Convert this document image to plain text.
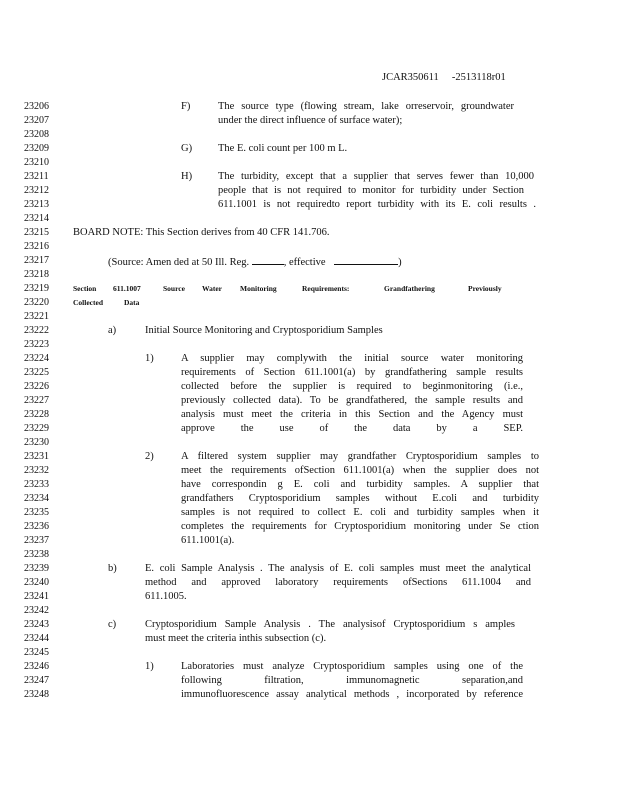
JCAR350611 -2513118r01
23206
23207
23208
23209
23210
23211
23212
23213
23214
23215
23216
23217
23218
23219
23220
23221
23222
23223
23224
23225
23226
23227
23228
23229
23230
23231
23232
23233
23234
23235
23236
23237
23238
23239
23240
23241
23242
23243
23244
23245
23246
23247
23248
F)	The source type (flowing stream, lake orreservoir, groundwater
under the direct influence of surface water);
G) The E. coli count per 100 m L.
H) The turbidity, except that a supplier that serves fewer than 10,000
people that is not required to monitor for turbidity under Section
611.1001 is not requiredto report turbidity with its E. coli results .
BOARD NOTE: This Section derives from 40 CFR 141.706.
(Source: Amen ded at 50 Ill. Reg.	, effective	)
Section 611.1007	Source Water Monitoring	Requirements:	Grandfathering	Previously
Collected	Data
a)	Initial Source Monitoring and Cryptosporidium Samples
1)	A supplier may complywith the initial source water monitoring
requirements of Section 611.1001(a) by grandfathering sample results
collected before the supplier is required to beginmonitoring (i.e.,
previously collected data). To be grandfathered, the sample results and
analysis must meet the criteria in this Section and the Agency must
approve the use of the data by a SEP.
2)	A filtered system supplier may grandfather Cryptosporidium samples to
meet the requirements ofSection 611.1001(a) when the supplier does not
have correspondin g E. coli and turbidity samples. A supplier that
grandfathers Cryptosporidium samples without E.coli and turbidity
samples is not required to collect E. coli and turbidity samples when it
completes the requirements for Cryptosporidium monitoring under Se ction
611.1001(a).
b)	E. coli Sample Analysis . The analysis of E. coli samples must meet the analytical
method and approved laboratory requirements ofSections 611.1004 and
611.1005.
c)	Cryptosporidium Sample Analysis . The analysisof Cryptosporidium s amples
must meet the criteria inthis subsection (c).
1)	Laboratories must analyze Cryptosporidium samples using one of the
following filtration, immunomagnetic separation,and
immunofluorescence assay analytical methods , incorporated by reference
